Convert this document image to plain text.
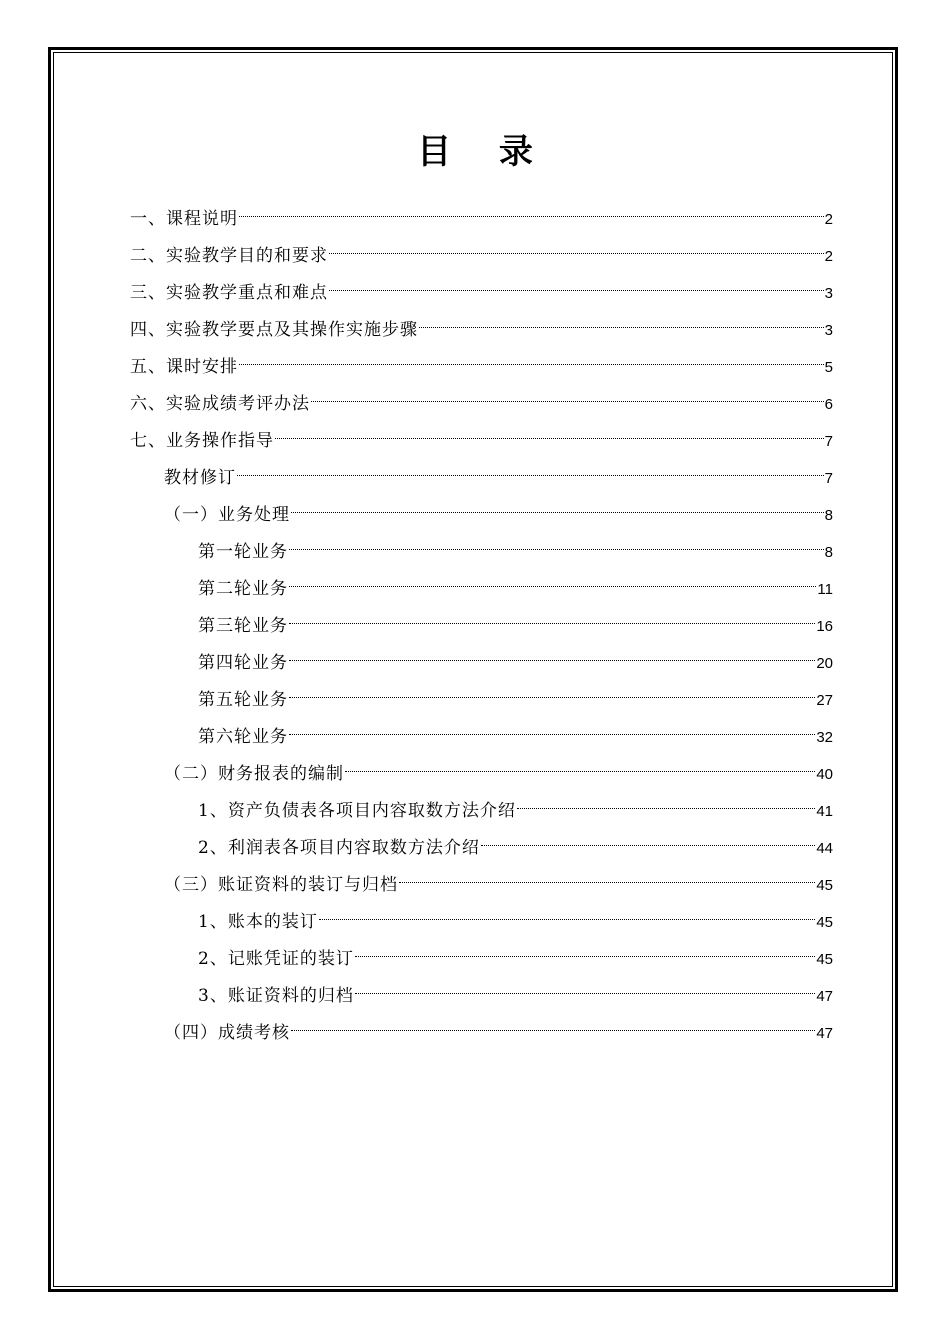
目 录
一、课程说明	2
二、实验教学目的和要求	2
三、实验教学重点和难点	3
四、实验教学要点及其操作实施步骤	3
五、课时安排	5
六、实验成绩考评办法	6
七、业务操作指导	7
教材修订	7
（一）业务处理	8
第一轮业务	8
第二轮业务	11
第三轮业务	16
第四轮业务	20
第五轮业务	27
第六轮业务	32
（二）财务报表的编制	40
1、资产负债表各项目内容取数方法介绍	41
2、利润表各项目内容取数方法介绍	44
（三）账证资料的装订与归档	45
1、账本的装订	45
2、记账凭证的装订	45
3、账证资料的归档	47
（四）成绩考核	47
